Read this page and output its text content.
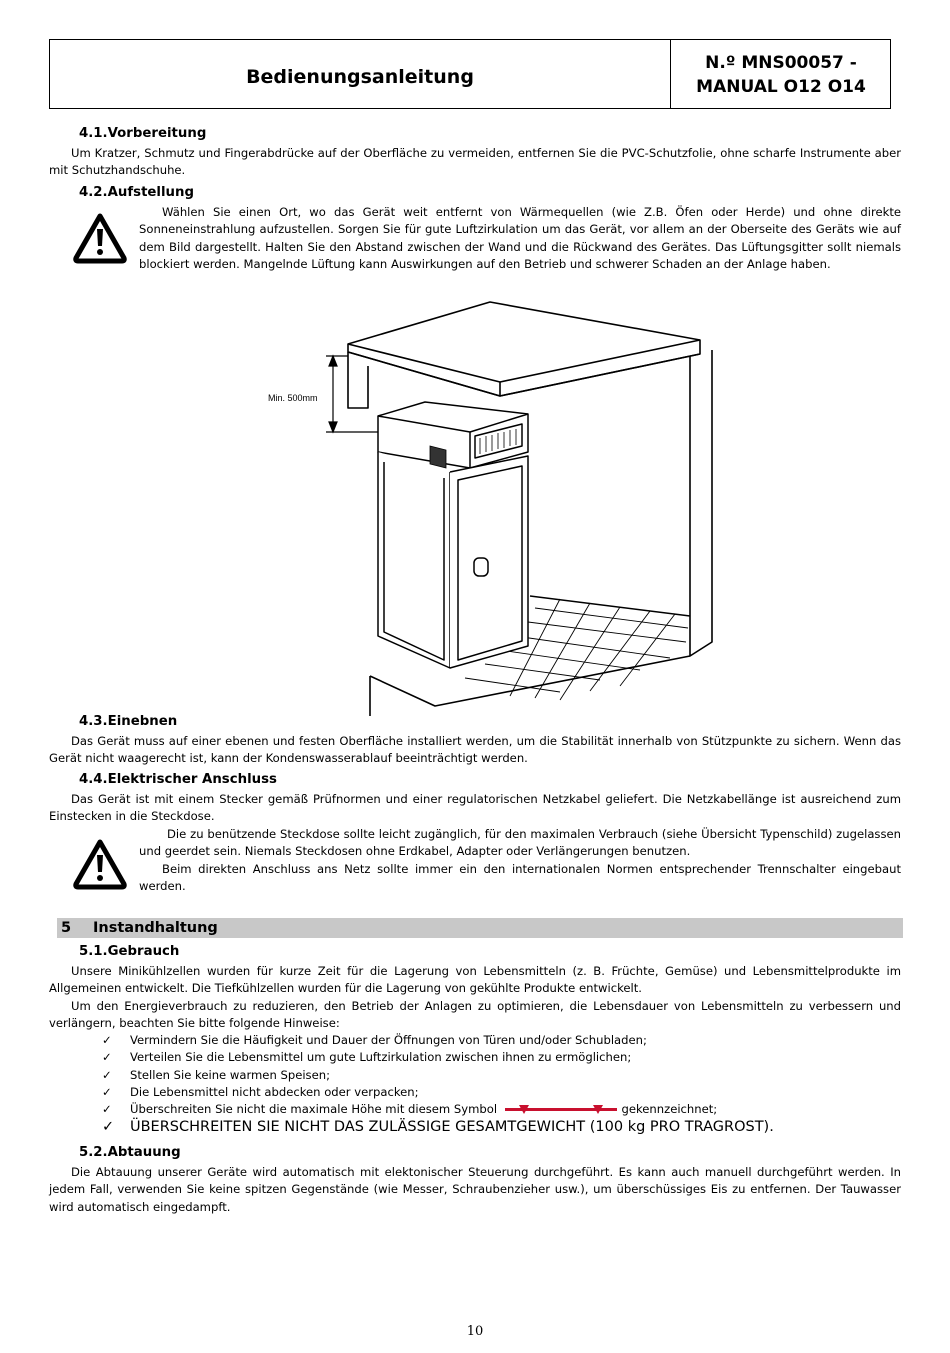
Bedienungsanleitung
N.º MNS00057 -
MANUAL O12 O14
4.1.Vorbereitung
Um Kratzer, Schmutz und Fingerabdrücke auf der Oberfläche zu vermeiden, entfernen Sie die PVC-Schutzfolie, ohne scharfe Instrumente aber
mit Schutzhandschuhe.
4.2.Aufstellung
Wählen Sie einen Ort, wo das Gerät weit entfernt von Wärmequellen (wie Z.B. Öfen oder Herde) und ohne direkte
Sonneneinstrahlung aufzustellen. Sorgen Sie für gute Luftzirkulation um das Gerät, vor allem an der Oberseite des Geräts wie auf
dem Bild dargestellt. Halten Sie den Abstand zwischen der Wand und die Rückwand des Gerätes. Das Lüftungsgitter sollt niemals
blockiert werden. Mangelnde Lüftung kann Auswirkungen auf den Betrieb und schwerer Schaden an der Anlage haben.
Min. 500mm
4.3.Einebnen
Das Gerät muss auf einer ebenen und festen Oberfläche installiert werden, um die Stabilität innerhalb von Stützpunkte zu sichern. Wenn das
Gerät nicht waagerecht ist, kann der Kondenswasserablauf beeinträchtigt werden.
4.4.Elektrischer Anschluss
Das Gerät ist mit einem Stecker gemäß Prüfnormen und einer regulatorischen Netzkabel geliefert. Die Netzkabellänge ist ausreichend zum
Einstecken in die Steckdose.
Die zu benützende Steckdose sollte leicht zugänglich, für den maximalen Verbrauch (siehe Übersicht Typenschild) zugelassen
und geerdet sein. Niemals Steckdosen ohne Erdkabel, Adapter oder Verlängerungen benutzen.
Beim direkten Anschluss ans Netz sollte immer ein den internationalen Normen entsprechender Trennschalter eingebaut
werden.
5 Instandhaltung
5.1.Gebrauch
Unsere Minikühlzellen wurden für kurze Zeit für die Lagerung von Lebensmitteln (z. B. Früchte, Gemüse) und Lebensmittelprodukte im
Allgemeinen entwickelt. Die Tiefkühlzellen wurden für die Lagerung von gekühlte Produkte entwickelt.
Um den Energieverbrauch zu reduzieren, den Betrieb der Anlagen zu optimieren, die Lebensdauer von Lebensmitteln zu verbessern und
verlängern, beachten Sie bitte folgende Hinweise:
✓ Vermindern Sie die Häufigkeit und Dauer der Öffnungen von Türen und/oder Schubladen;
✓ Verteilen Sie die Lebensmittel um gute Luftzirkulation zwischen ihnen zu ermöglichen;
✓ Stellen Sie keine warmen Speisen;
✓ Die Lebensmittel nicht abdecken oder verpacken;
✓ Überschreiten Sie nicht die maximale Höhe mit diesem Symbol	gekennzeichnet;
✓ ÜBERSCHREITEN SIE NICHT DAS ZULÄSSIGE GESAMTGEWICHT (100 kg PRO TRAGROST).
5.2.Abtauung
Die Abtauung unserer Geräte wird automatisch mit elektonischer Steuerung durchgeführt. Es kann auch manuell durchgeführt werden. In
jedem Fall, verwenden Sie keine spitzen Gegenstände (wie Messer, Schraubenzieher usw.), um überschüssiges Eis zu entfernen. Der Tauwasser
wird automatisch eingedampft.
10
